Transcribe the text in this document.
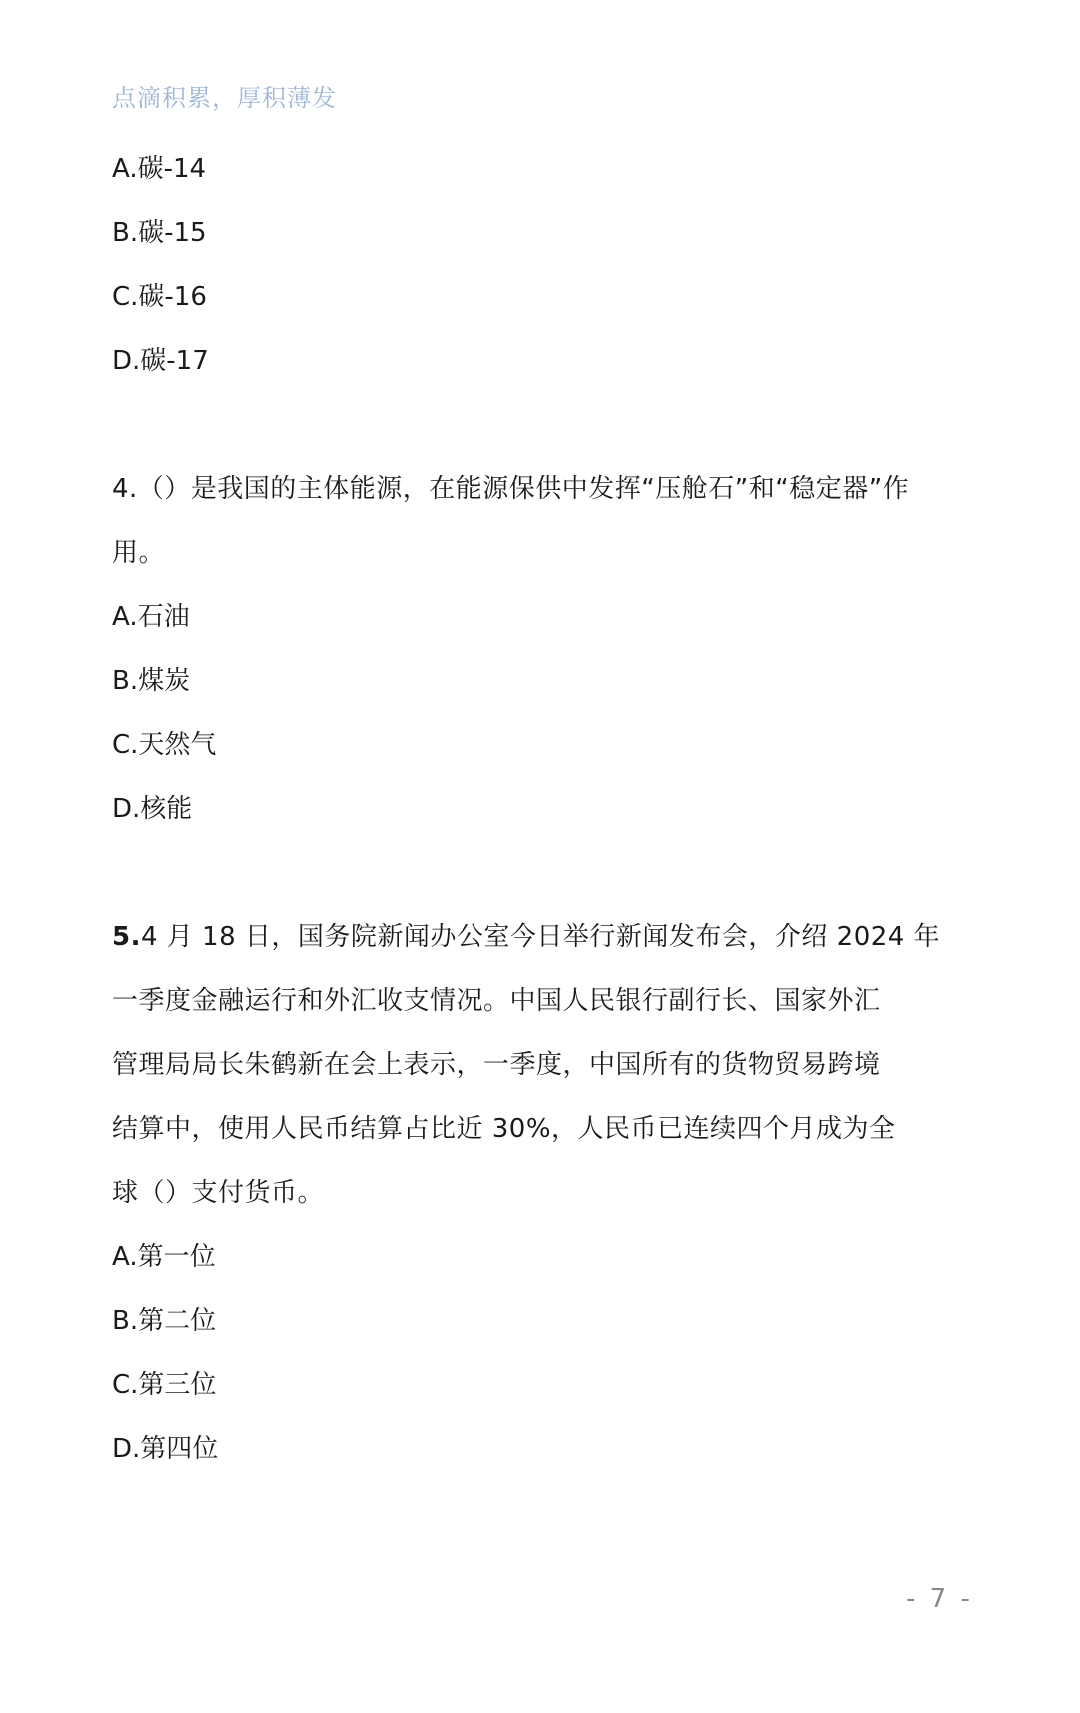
点滴积累，厚积薄发
A.碳-14
B.碳-15
C.碳-16
D.碳-17
4.（）是我国的主体能源，在能源保供中发挥“压舱石”和“稳定器”作
用。
A.石油
B.煤炭
C.天然气
D.核能
5.4 月 18 日，国务院新闻办公室今日举行新闻发布会，介绍 2024 年
一季度金融运行和外汇收支情况。中国人民银行副行长、国家外汇
管理局局长朱鹤新在会上表示，一季度，中国所有的货物贸易跨境
结算中，使用人民币结算占比近 30%，人民币已连续四个月成为全
球（）支付货币。
A.第一位
B.第二位
C.第三位
D.第四位
- 7 -
